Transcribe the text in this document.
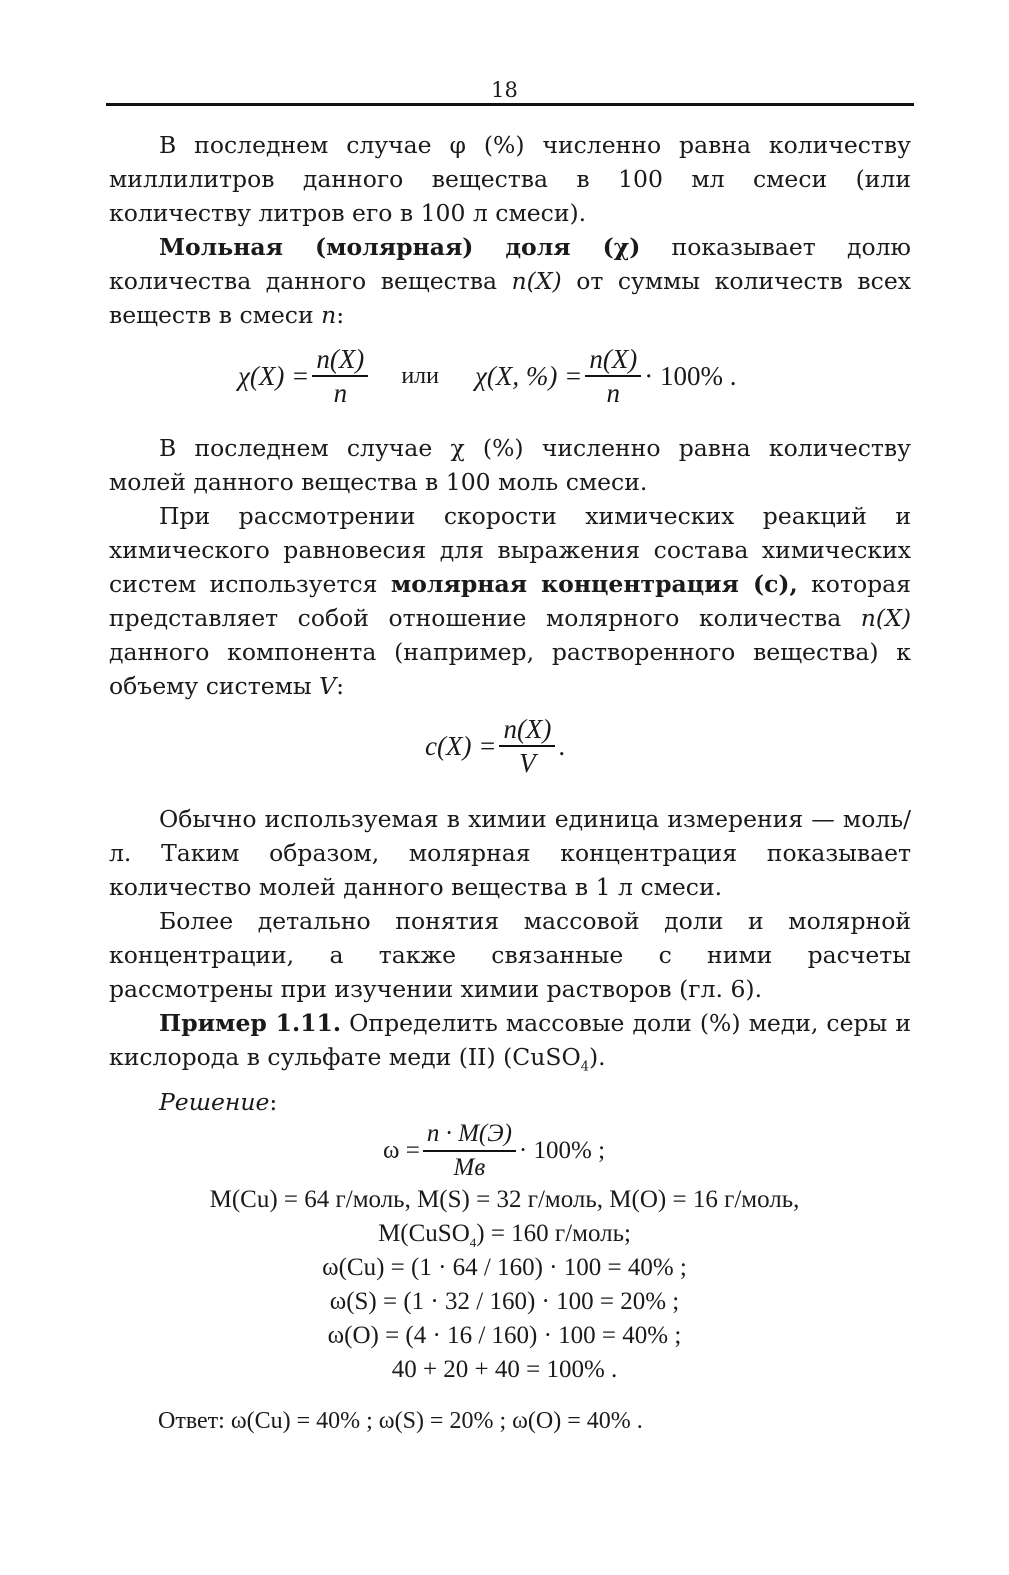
18

В последнем случае φ (%) численно равна количеству миллилитров данного вещества в 100 мл смеси (или количеству литров его в 100 л смеси).

Мольная (молярная) доля (χ) показывает долю количества данного вещества n(X) от суммы количеств всех веществ в смеси n:

$\chi(X) = \frac{n(X)}{n}$ или χ(X, %) = $\frac{n(X)}{n} \cdot 100\%$ .

В последнем случае χ (%) численно равна количеству молей данного вещества в 100 моль смеси.

При рассмотрении скорости химических реакций и химического равновесия для выражения состава химических систем используется молярная концентрация (c), которая представляет собой отношение молярного количества n(X) данного компонента (например, растворенного вещества) к объему системы V:

$c(X) = \frac{n(X)}{V}$ .

Обычно используемая в химии единица измерения — моль/л. Таким образом, молярная концентрация показывает количество молей данного вещества в 1 л смеси.

Более детально понятия массовой доли и молярной концентрации, а также связанные с ними расчеты рассмотрены при изучении химии растворов (гл. 6).

Пример 1.11. Определить массовые доли (%) меди, серы и кислорода в сульфате меди (II) (CuSO$_4$).

Решение:

$\omega = \frac{n \cdot M(Э)}{Mв} \cdot 100\%$ ;
M(Cu) = 64 г/моль, M(S) = 32 г/моль, M(O) = 16 г/моль,
M(CuSO$_4$) = 160 г/моль;
ω(Cu) = (1 · 64 / 160) · 100 = 40% ;
ω(S) = (1 · 32 / 160) · 100 = 20% ;
ω(O) = (4 · 16 / 160) · 100 = 40% ;
40 + 20 + 40 = 100% .
Ответ: ω(Cu) = 40% ; ω(S) = 20% ; ω(O) = 40% .
